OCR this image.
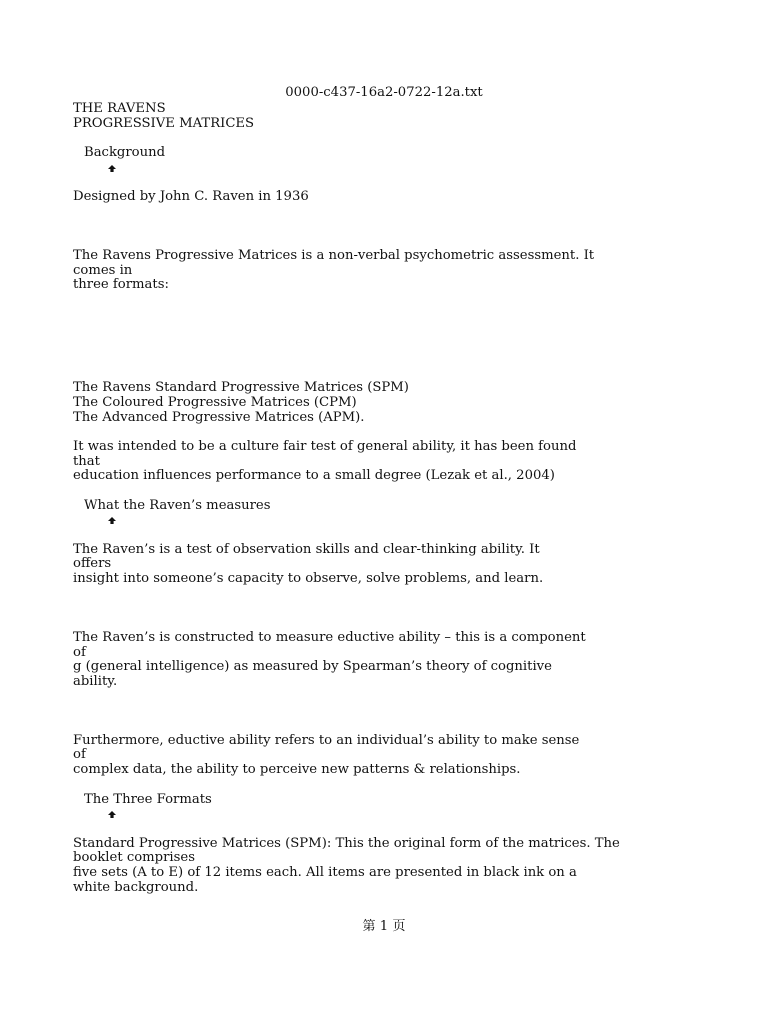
0000-c437-16a2-0722-12a.txt
THE RAVENS
PROGRESSIVE MATRICES

Background
Designed by John C. Raven in 1936
The Ravens Progressive Matrices is a non-verbal psychometric assessment. It
comes in
three formats:
The Ravens Standard Progressive Matrices (SPM)
The Coloured Progressive Matrices (CPM)
The Advanced Progressive Matrices (APM).
It was intended to be a culture fair test of general ability, it has been found
that
education influences performance to a small degree (Lezak et al., 2004)

What the Raven’s measures
The Raven’s is a test of observation skills and clear-thinking ability. It
offers
insight into someone’s capacity to observe, solve problems, and learn.
The Raven’s is constructed to measure eductive ability – this is a component
of
g (general intelligence) as measured by Spearman’s theory of cognitive
ability.
Furthermore, eductive ability refers to an individual’s ability to make sense
of
complex data, the ability to perceive new patterns & relationships.

The Three Formats
Standard Progressive Matrices (SPM): This the original form of the matrices. The
booklet comprises
five sets (A to E) of 12 items each. All items are presented in black ink on a
white background.
第 1 页
